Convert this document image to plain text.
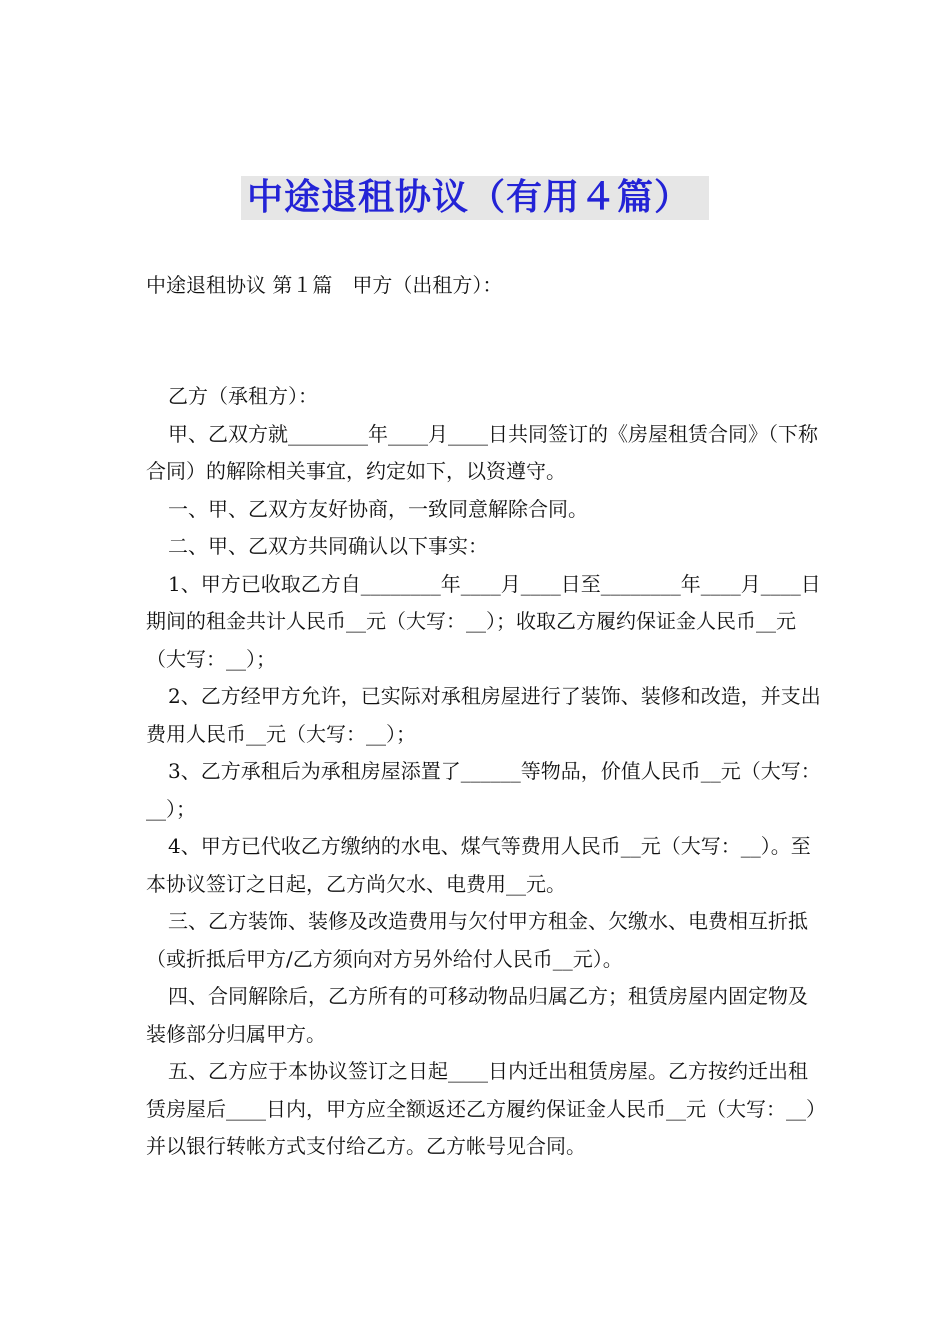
中途退租协议（有用４篇）
中途退租协议 第１篇　甲方（出租方）：

乙方（承租方）：

甲、乙双方就________年____月____日共同签订的《房屋租赁合同》（下称合同）的解除相关事宜，约定如下，以资遵守。

一、甲、乙双方友好协商，一致同意解除合同。

二、甲、乙双方共同确认以下事实：

1、甲方已收取乙方自________年____月____日至________年____月____日期间的租金共计人民币__元（大写：__）；收取乙方履约保证金人民币__元（大写：__）；

2、乙方经甲方允许，已实际对承租房屋进行了装饰、装修和改造，并支出费用人民币__元（大写：__）；

3、乙方承租后为承租房屋添置了______等物品，价值人民币__元（大写：__）；

4、甲方已代收乙方缴纳的水电、煤气等费用人民币__元（大写：__）。至本协议签订之日起，乙方尚欠水、电费用__元。

三、乙方装饰、装修及改造费用与欠付甲方租金、欠缴水、电费相互折抵（或折抵后甲方/乙方须向对方另外给付人民币__元）。

四、合同解除后，乙方所有的可移动物品归属乙方；租赁房屋内固定物及装修部分归属甲方。

五、乙方应于本协议签订之日起____日内迁出租赁房屋。乙方按约迁出租赁房屋后____日内，甲方应全额返还乙方履约保证金人民币__元（大写：__）并以银行转帐方式支付给乙方。乙方帐号见合同。
